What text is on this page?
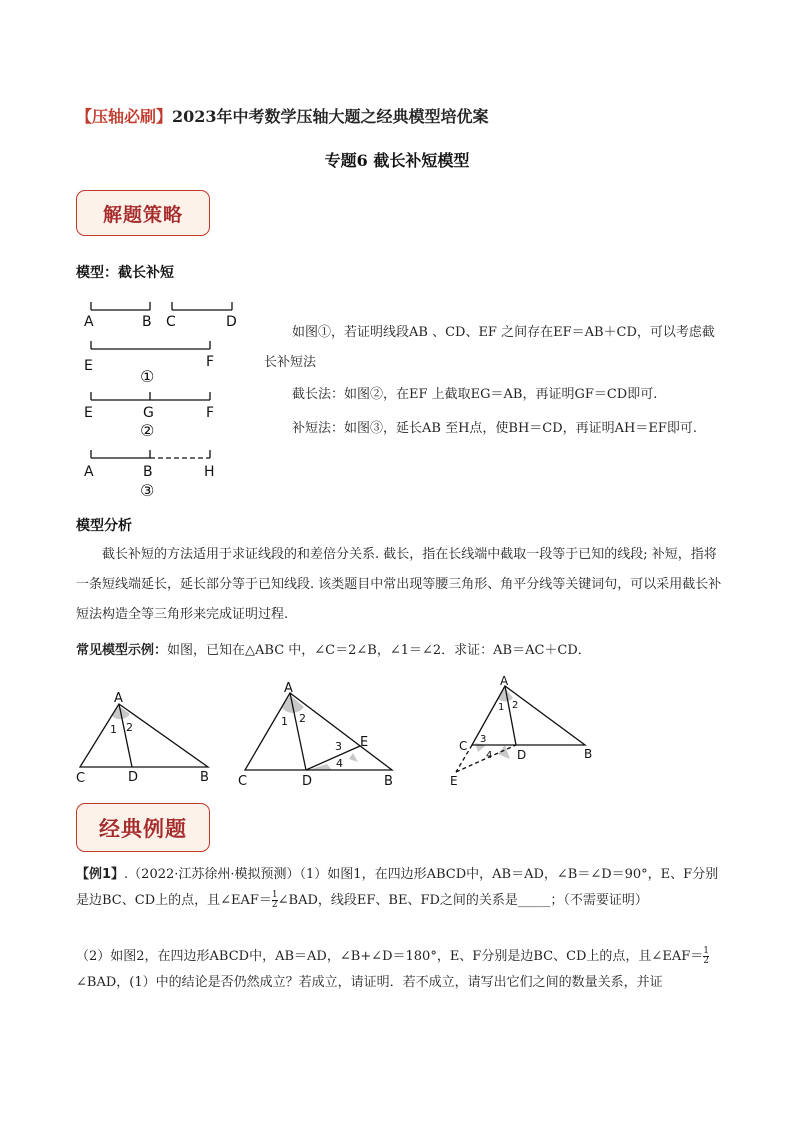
【压轴必刷】2023年中考数学压轴大题之经典模型培优案
专题6 截长补短模型
解题策略
模型：截长补短
A	B C	D
E	F
①
E	G	F
②
A	B	H
③
如图①，若证明线段AB 、CD、EF 之间存在EF＝AB＋CD，可以考虑截长补短法
截长法：如图②，在EF 上截取EG＝AB，再证明GF＝CD即可.
补短法：如图③，延长AB 至H点，使BH＝CD，再证明AH＝EF即可.
模型分析
截长补短的方法适用于求证线段的和差倍分关系. 截长，指在长线端中截取一段等于已知的线段; 补短，指将一条短线端延长，延长部分等于已知线段. 该类题目中常出现等腰三角形、角平分线等关键词句，可以采用截长补短法构造全等三角形来完成证明过程.
常见模型示例：如图，已知在△ABC 中，∠C＝2∠B，∠1＝∠2．求证：AB＝AC＋CD．
A
C	D	B
1 2
A
C	D	B
E
1 2
3
4
A
C
D	B
E
1 2
3
4
经典例题
【例1】.（2022·江苏徐州·模拟预测）（1）如图1，在四边形ABCD中，AB＝AD，∠B＝∠D＝90°，E、F分别是边BC、CD上的点，且∠EAF＝ $\frac{1}{2}$ ∠BAD，线段EF、BE、FD之间的关系是_____；（不需要证明）
（2）如图2，在四边形ABCD中，AB＝AD，∠B+∠D＝180°，E、F分别是边BC、CD上的点，且∠EAF＝ $\frac{1}{2}$
∠BAD，(1）中的结论是否仍然成立？若成立，请证明．若不成立，请写出它们之间的数量关系，并证
